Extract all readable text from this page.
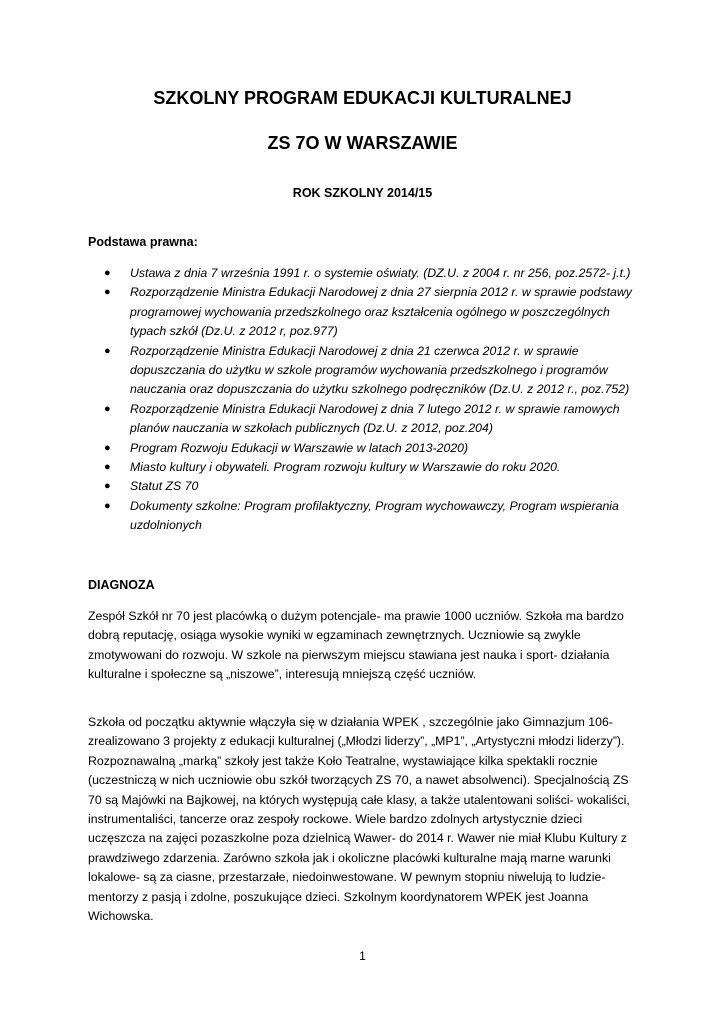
SZKOLNY PROGRAM EDUKACJI KULTURALNEJ
ZS 7O W WARSZAWIE
ROK SZKOLNY 2014/15
Podstawa prawna:
● Ustawa z dnia 7 września 1991 r. o systemie oświaty. (DZ.U. z 2004 r. nr 256, poz.2572- j.t.)
● Rozporządzenie Ministra Edukacji Narodowej z dnia 27 sierpnia 2012 r. w sprawie podstawy programowej wychowania przedszkolnego oraz kształcenia ogólnego w poszczególnych typach szkół (Dz.U. z 2012 r, poz.977)
● Rozporządzenie Ministra Edukacji Narodowej z dnia 21 czerwca 2012 r. w sprawie dopuszczania do użytku w szkole programów wychowania przedszkolnego i programów nauczania oraz dopuszczania do użytku szkolnego podręczników (Dz.U. z 2012 r., poz.752)
● Rozporządzenie Ministra Edukacji Narodowej z dnia 7 lutego 2012 r. w sprawie ramowych planów nauczania w szkołach publicznych (Dz.U. z 2012, poz.204)
● Program Rozwoju Edukacji w Warszawie w latach 2013-2020)
● Miasto kultury i obywateli. Program rozwoju kultury w Warszawie do roku 2020.
● Statut ZS 70
● Dokumenty szkolne: Program profilaktyczny, Program wychowawczy, Program wspierania uzdolnionych
DIAGNOZA

Zespół Szkół nr 70 jest placówką o dużym potencjale- ma prawie 1000 uczniów. Szkoła ma bardzo dobrą reputację, osiąga wysokie wyniki w egzaminach zewnętrznych. Uczniowie są zwykle zmotywowani do rozwoju. W szkole na pierwszym miejscu stawiana jest nauka i sport- działania kulturalne i społeczne są „niszowe”, interesują mniejszą część uczniów.

Szkoła od początku aktywnie włączyła się w działania WPEK , szczególnie jako Gimnazjum 106- zrealizowano 3 projekty z edukacji kulturalnej („Młodzi liderzy”, „MP1”, „Artystyczni młodzi liderzy”). Rozpoznawalną „marką” szkoły jest także Koło Teatralne, wystawiające kilka spektakli rocznie (uczestniczą w nich uczniowie obu szkół tworzących ZS 70, a nawet absolwenci). Specjalnością ZS 70 są Majówki na Bajkowej, na których występują całe klasy, a także utalentowani soliści- wokaliści, instrumentaliści, tancerze oraz zespoły rockowe. Wiele bardzo zdolnych artystycznie dzieci uczęszcza na zajęci pozaszkolne poza dzielnicą Wawer- do 2014 r. Wawer nie miał Klubu Kultury z prawdziwego zdarzenia. Zarówno szkoła jak i okoliczne placówki kulturalne mają marne warunki lokalowe- są za ciasne, przestarzałe, niedoinwestowane. W pewnym stopniu niwelują to ludzie- mentorzy z pasją i zdolne, poszukujące dzieci. Szkolnym koordynatorem WPEK jest Joanna Wichowska.

1
